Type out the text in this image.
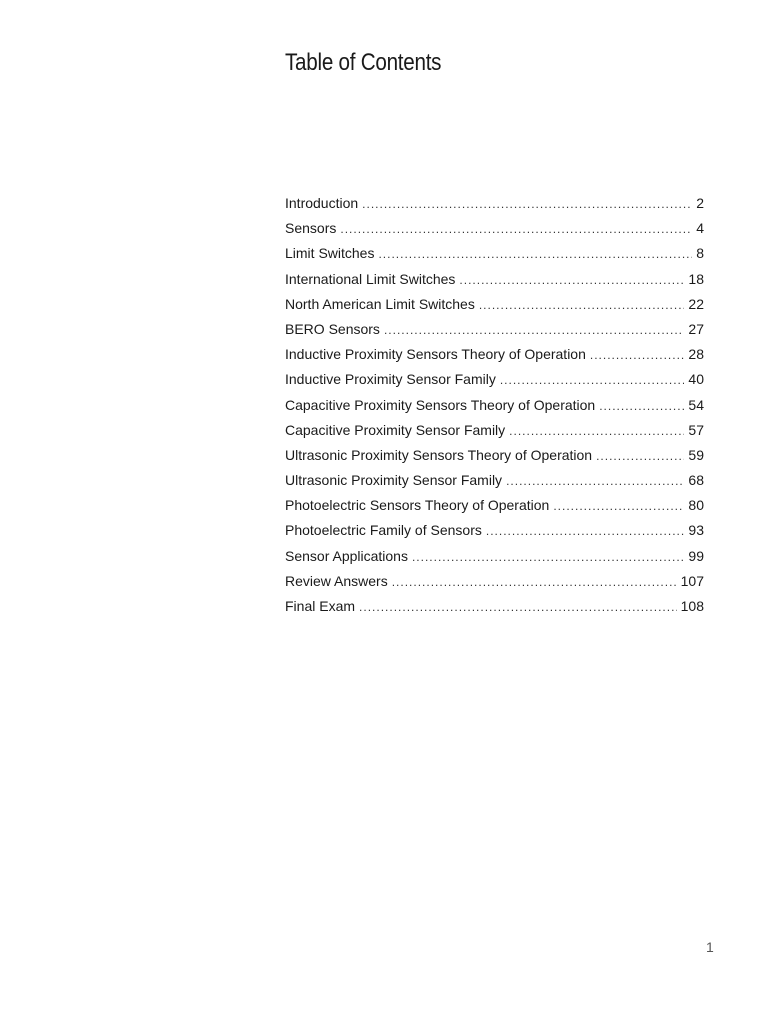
Table of Contents
Introduction .....	2
Sensors .....	4
Limit Switches .....	8
International Limit Switches .....	18
North American Limit Switches .....	22
BERO Sensors .....	27
Inductive Proximity Sensors Theory of Operation .....	28
Inductive Proximity Sensor Family .....	40
Capacitive Proximity Sensors Theory of Operation .....	54
Capacitive Proximity Sensor Family .....	57
Ultrasonic Proximity Sensors Theory of Operation .....	59
Ultrasonic Proximity Sensor Family .....	68
Photoelectric Sensors Theory of Operation .....	80
Photoelectric Family of Sensors .....	93
Sensor Applications .....	99
Review Answers .....	107
Final Exam .....	108
1
